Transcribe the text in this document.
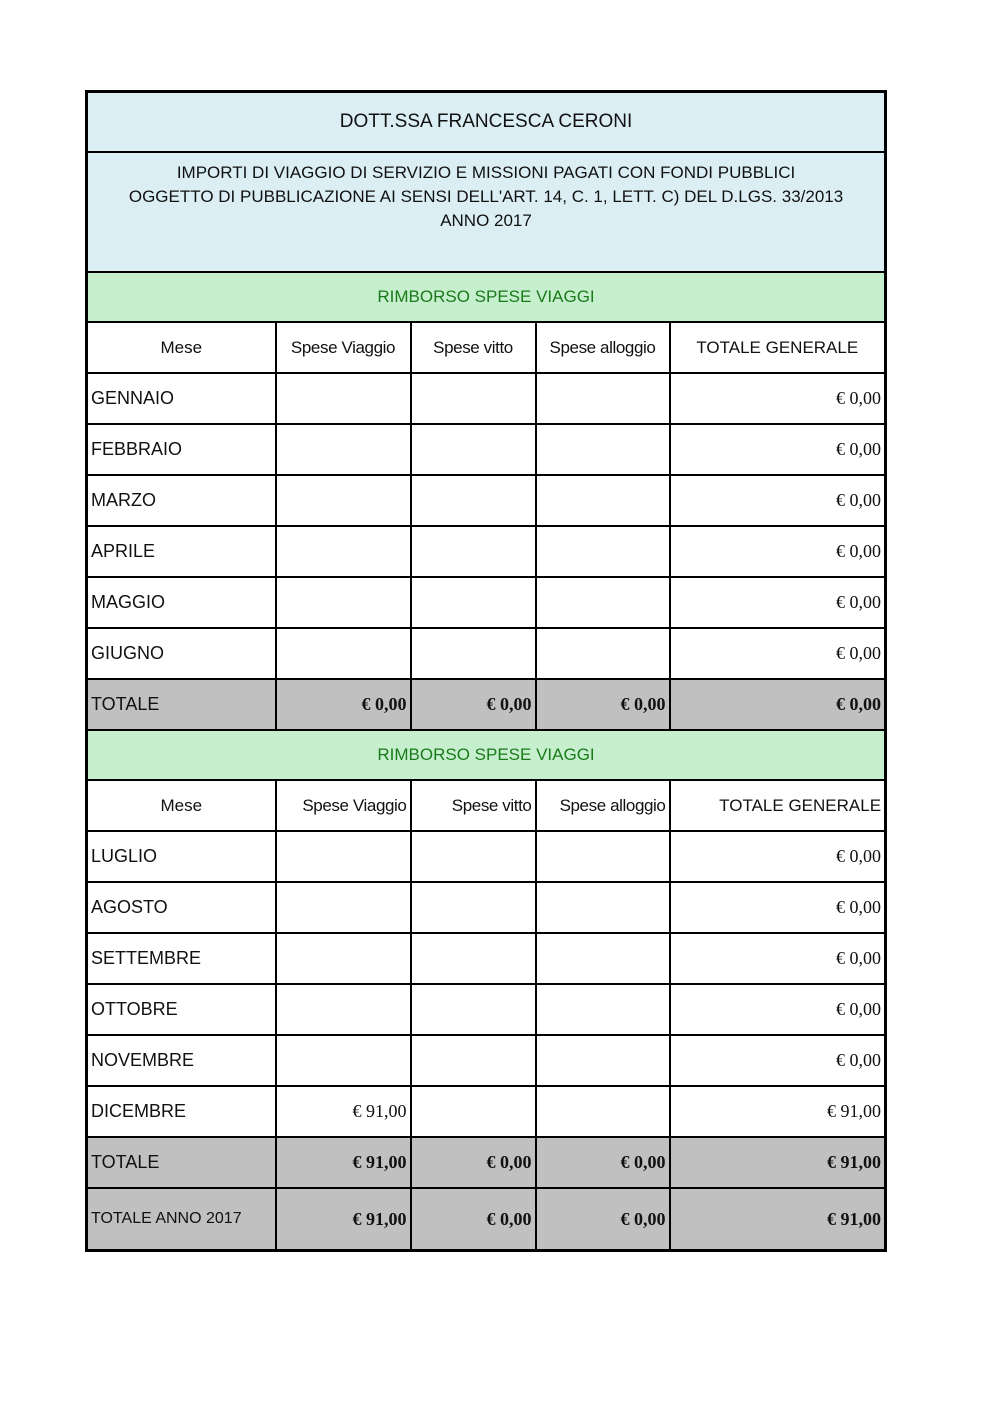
DOTT.SSA FRANCESCA CERONI				

IMPORTI DI VIAGGIO DI SERVIZIO E MISSIONI PAGATI CON FONDI PUBBLICI
OGGETTO DI PUBBLICAZIONE AI SENSI DELL'ART. 14, C. 1, LETT. C) DEL D.LGS. 33/2013
ANNO 2017				

RIMBORSO SPESE VIAGGI				
Mese	Spese Viaggio	Spese vitto	Spese alloggio	TOTALE GENERALE
GENNAIO				€ 0,00
FEBBRAIO				€ 0,00
MARZO				€ 0,00
APRILE				€ 0,00
MAGGIO				€ 0,00
GIUGNO				€ 0,00
TOTALE	€ 0,00	€ 0,00	€ 0,00	€ 0,00
RIMBORSO SPESE VIAGGI				
Mese	Spese Viaggio	Spese vitto	Spese alloggio	TOTALE GENERALE
LUGLIO				€ 0,00
AGOSTO				€ 0,00
SETTEMBRE				€ 0,00
OTTOBRE				€ 0,00
NOVEMBRE				€ 0,00
DICEMBRE	€ 91,00			€ 91,00
TOTALE	€ 91,00	€ 0,00	€ 0,00	€ 91,00
TOTALE ANNO 2017	€ 91,00	€ 0,00	€ 0,00	€ 91,00
